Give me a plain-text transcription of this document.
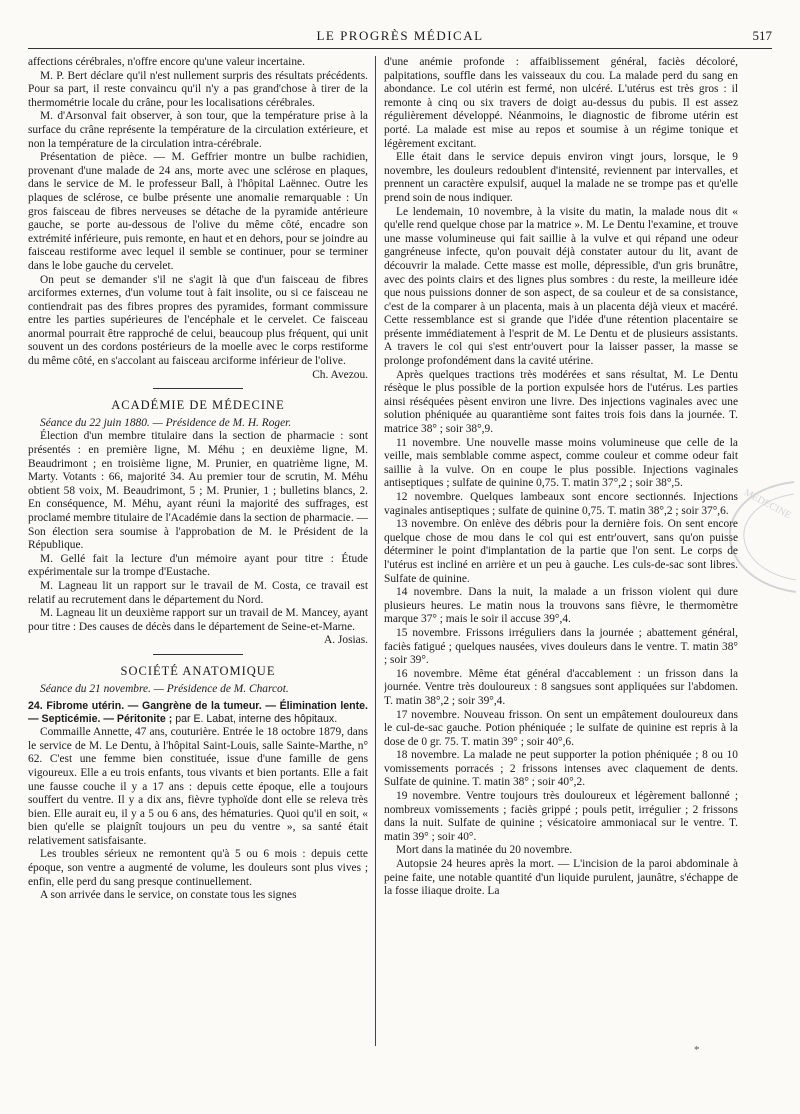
LE PROGRÈS MÉDICAL	517

affections cérébrales, n'offre encore qu'une valeur incertaine.

M. P. Bert déclare qu'il n'est nullement surpris des résultats précédents. Pour sa part, il reste convaincu qu'il n'y a pas grand'chose à tirer de la thermométrie locale du crâne, pour les localisations cérébrales.

M. d'Arsonval fait observer, à son tour, que la température prise à la surface du crâne représente la température de la circulation extérieure, et non la température de la circulation intra-cérébrale.

Présentation de pièce. — M. Geffrier montre un bulbe rachidien, provenant d'une malade de 24 ans, morte avec une sclérose en plaques, dans le service de M. le professeur Ball, à l'hôpital Laënnec. Outre les plaques de sclérose, ce bulbe présente une anomalie remarquable : Un gros faisceau de fibres nerveuses se détache de la pyramide antérieure gauche, se porte au-dessous de l'olive du même côté, encadre son extrémité inférieure, puis remonte, en haut et en dehors, pour se joindre au faisceau restiforme avec lequel il semble se continuer, pour se terminer dans le lobe gauche du cervelet.

On peut se demander s'il ne s'agit là que d'un faisceau de fibres arciformes externes, d'un volume tout à fait insolite, ou si ce faisceau ne contiendrait pas des fibres propres des pyramides, formant commissure entre les parties supérieures de l'encéphale et le cervelet. Ce faisceau anormal pourrait être rapproché de celui, beaucoup plus fréquent, qui unit souvent un des cordons postérieurs de la moelle avec le corps restiforme du même côté, en s'accolant au faisceau arciforme inférieur de l'olive.

Ch. Avezou.

ACADÉMIE DE MÉDECINE

Séance du 22 juin 1880. — Présidence de M. H. Roger.

Élection d'un membre titulaire dans la section de pharmacie : sont présentés : en première ligne, M. Méhu ; en deuxième ligne, M. Beaudrimont ; en troisième ligne, M. Prunier, en quatrième ligne, M. Marty. Votants : 66, majorité 34. Au premier tour de scrutin, M. Méhu obtient 58 voix, M. Beaudrimont, 5 ; M. Prunier, 1 ; bulletins blancs, 2. En conséquence, M. Méhu, ayant réuni la majorité des suffrages, est proclamé membre titulaire de l'Académie dans la section de pharmacie. — Son élection sera soumise à l'approbation de M. le Président de la République.

M. Gellé fait la lecture d'un mémoire ayant pour titre : Étude expérimentale sur la trompe d'Eustache.

M. Lagneau lit un rapport sur le travail de M. Costa, ce travail est relatif au recrutement dans le département du Nord.

M. Lagneau lit un deuxième rapport sur un travail de M. Mancey, ayant pour titre : Des causes de décès dans le département de Seine-et-Marne.

A. Josias.

SOCIÉTÉ ANATOMIQUE

Séance du 21 novembre. — Présidence de M. Charcot.

24. Fibrome utérin. — Gangrène de la tumeur. — Élimination lente. — Septicémie. — Péritonite ; par E. Labat, interne des hôpitaux.

Commaille Annette, 47 ans, couturière. Entrée le 18 octobre 1879, dans le service de M. Le Dentu, à l'hôpital Saint-Louis, salle Sainte-Marthe, n° 62. C'est une femme bien constituée, issue d'une famille de gens vigoureux. Elle a eu trois enfants, tous vivants et bien portants. Elle a fait une fausse couche il y a 17 ans : depuis cette époque, elle a toujours souffert du ventre. Il y a dix ans, fièvre typhoïde dont elle se releva très bien. Elle aurait eu, il y a 5 ou 6 ans, des hématuries. Quoi qu'il en soit, « bien qu'elle se plaignît toujours un peu du ventre », sa santé était relativement satisfaisante.

Les troubles sérieux ne remontent qu'à 5 ou 6 mois : depuis cette époque, son ventre a augmenté de volume, les douleurs sont plus vives ; enfin, elle perd du sang presque continuellement.

A son arrivée dans le service, on constate tous les signes

d'une anémie profonde : affaiblissement général, faciès décoloré, palpitations, souffle dans les vaisseaux du cou. La malade perd du sang en abondance. Le col utérin est fermé, non ulcéré. L'utérus est très gros : il remonte à cinq ou six travers de doigt au-dessus du pubis. Il est assez régulièrement développé. Néanmoins, le diagnostic de fibrome utérin est porté. La malade est mise au repos et soumise à un régime tonique et légèrement excitant.

Elle était dans le service depuis environ vingt jours, lorsque, le 9 novembre, les douleurs redoublent d'intensité, reviennent par intervalles, et prennent un caractère expulsif, auquel la malade ne se trompe pas et qu'elle prend soin de nous indiquer.

Le lendemain, 10 novembre, à la visite du matin, la malade nous dit « qu'elle rend quelque chose par la matrice ». M. Le Dentu l'examine, et trouve une masse volumineuse qui fait saillie à la vulve et qui répand une odeur gangréneuse infecte, qu'on pouvait déjà constater autour du lit, avant de découvrir la malade. Cette masse est molle, dépressible, d'un gris brunâtre, avec des points clairs et des lignes plus sombres : du reste, la meilleure idée que nous puissions donner de son aspect, de sa couleur et de sa consistance, c'est de la comparer à un placenta, mais à un placenta déjà vieux et macéré. Cette ressemblance est si grande que l'idée d'une rétention placentaire se présente immédiatement à l'esprit de M. Le Dentu et de plusieurs assistants. A travers le col qui s'est entr'ouvert pour la laisser passer, la masse se prolonge profondément dans la cavité utérine.

Après quelques tractions très modérées et sans résultat, M. Le Dentu résèque le plus possible de la portion expulsée hors de l'utérus. Les parties ainsi réséquées pèsent environ une livre. Des injections vaginales avec une solution phéniquée au quarantième sont faites trois fois dans la journée. T. matrice 38° ; soir 38°,9.

11 novembre. Une nouvelle masse moins volumineuse que celle de la veille, mais semblable comme aspect, comme couleur et comme odeur fait saillie à la vulve. On en coupe le plus possible. Injections vaginales antiseptiques ; sulfate de quinine 0,75. T. matin 37°,2 ; soir 38°,5.

12 novembre. Quelques lambeaux sont encore sectionnés. Injections vaginales antiseptiques ; sulfate de quinine 0,75. T. matin 38°,2 ; soir 37°,6.

13 novembre. On enlève des débris pour la dernière fois. On sent encore quelque chose de mou dans le col qui est entr'ouvert, sans qu'on puisse déterminer le point d'implantation de la partie que l'on sent. Le corps de l'utérus est incliné en arrière et un peu à gauche. Les culs-de-sac sont libres. Sulfate de quinine.

14 novembre. Dans la nuit, la malade a un frisson violent qui dure plusieurs heures. Le matin nous la trouvons sans fièvre, le thermomètre marque 37° ; mais le soir il accuse 39°,4.

15 novembre. Frissons irréguliers dans la journée ; abattement général, faciès fatigué ; quelques nausées, vives douleurs dans le ventre. T. matin 38° ; soir 39°.

16 novembre. Même état général d'accablement : un frisson dans la journée. Ventre très douloureux : 8 sangsues sont appliquées sur l'abdomen. T. matin 38°,2 ; soir 39°,4.

17 novembre. Nouveau frisson. On sent un empâtement douloureux dans le cul-de-sac gauche. Potion phéniquée ; le sulfate de quinine est repris à la dose de 0 gr. 75. T. matin 39° ; soir 40°,6.

18 novembre. La malade ne peut supporter la potion phéniquée ; 8 ou 10 vomissements porracés ; 2 frissons intenses avec claquement de dents. Sulfate de quinine. T. matin 38° ; soir 40°,2.

19 novembre. Ventre toujours très douloureux et légèrement ballonné ; nombreux vomissements ; faciès grippé ; pouls petit, irrégulier ; 2 frissons dans la nuit. Sulfate de quinine ; vésicatoire ammoniacal sur le ventre. T. matin 39° ; soir 40°.

Mort dans la matinée du 20 novembre.

Autopsie 24 heures après la mort. — L'incision de la paroi abdominale à peine faite, une notable quantité d'un liquide purulent, jaunâtre, s'échappe de la fosse iliaque droite. La

MÉDECINE
*
